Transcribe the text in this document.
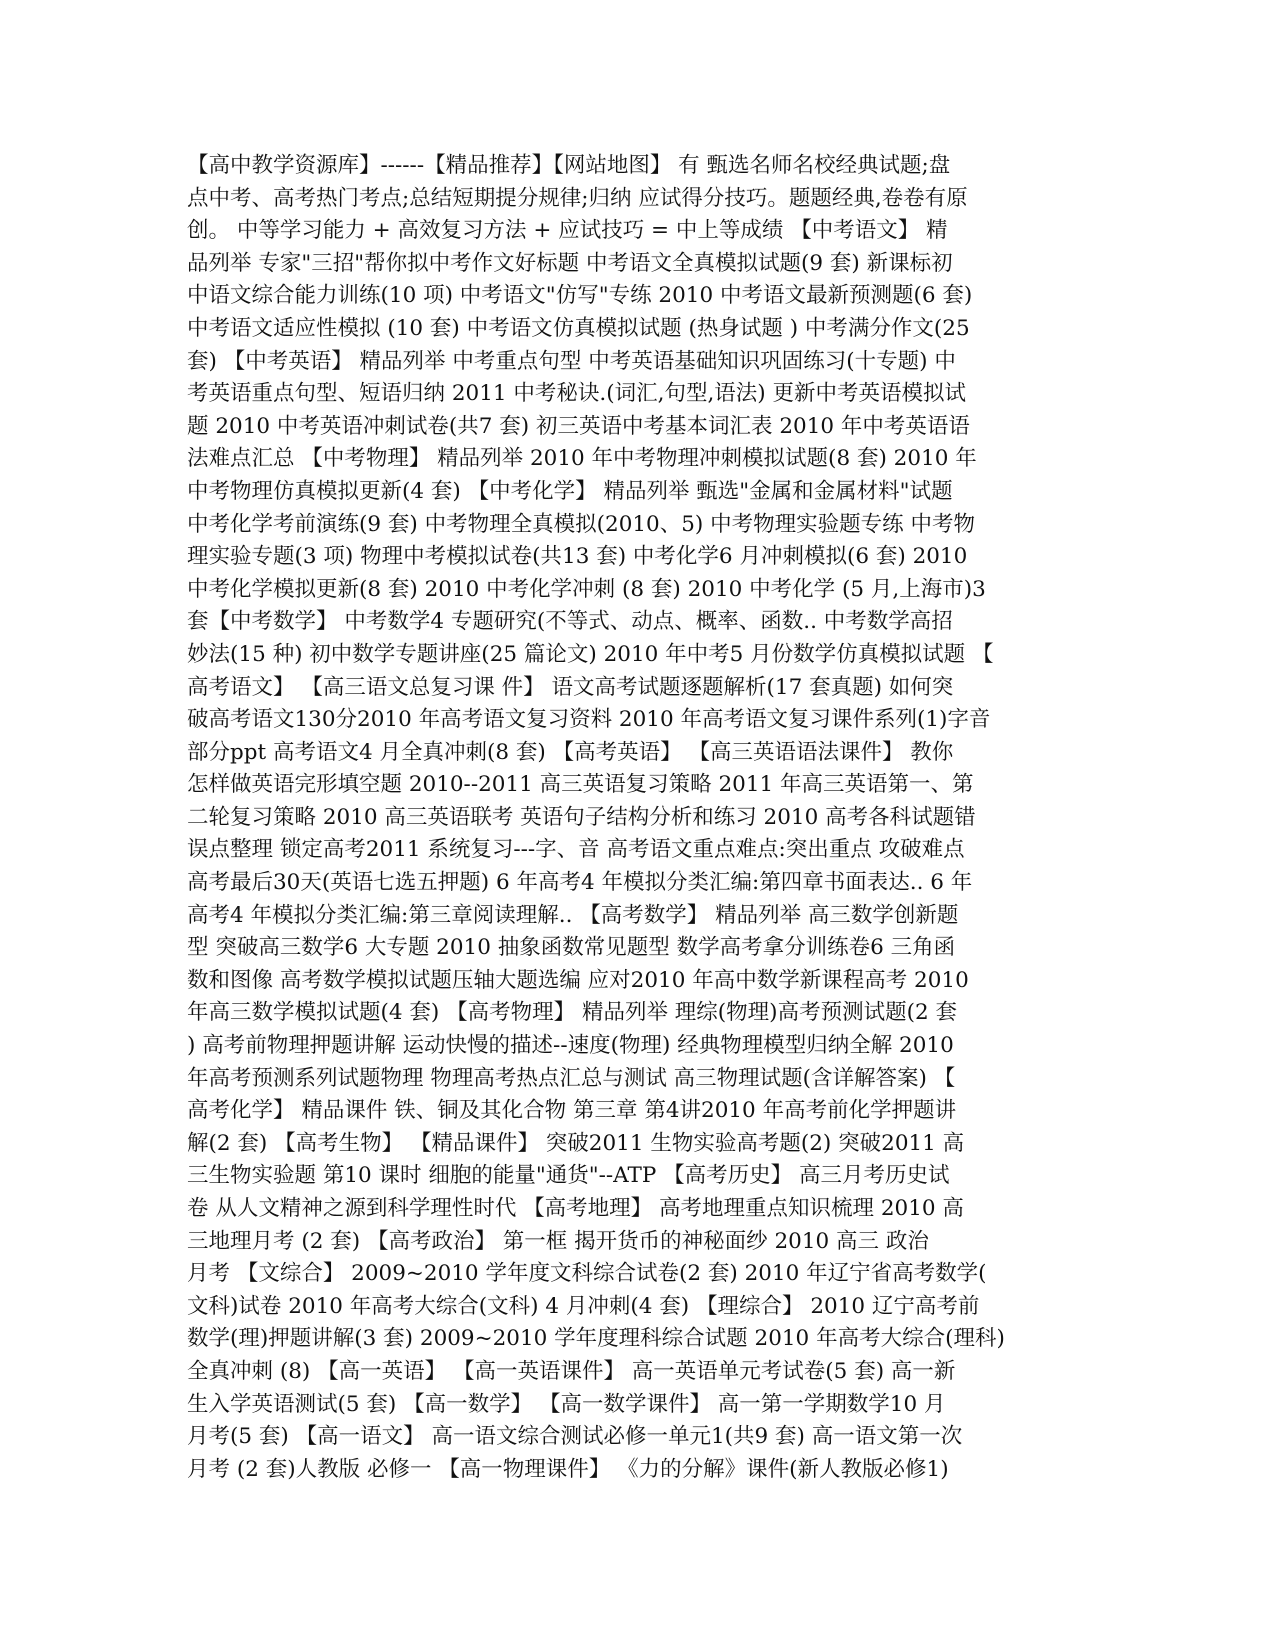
【高中教学资源库】------【精品推荐】【网站地图】 有 甄选名师名校经典试题;盘
点中考、高考热门考点;总结短期提分规律;归纳 应试得分技巧。题题经典,卷卷有原
创。 中等学习能力 + 高效复习方法 + 应试技巧 = 中上等成绩 【中考语文】 精
品列举 专家"三招"帮你拟中考作文好标题 中考语文全真模拟试题(9 套) 新课标初
中语文综合能力训练(10 项) 中考语文"仿写"专练 2010 中考语文最新预测题(6 套)
中考语文适应性模拟 (10 套) 中考语文仿真模拟试题 (热身试题 ) 中考满分作文(25
套) 【中考英语】 精品列举 中考重点句型 中考英语基础知识巩固练习(十专题) 中
考英语重点句型、短语归纳 2011 中考秘诀.(词汇,句型,语法) 更新中考英语模拟试
题 2010 中考英语冲刺试卷(共7 套) 初三英语中考基本词汇表 2010 年中考英语语
法难点汇总 【中考物理】 精品列举 2010 年中考物理冲刺模拟试题(8 套) 2010 年
中考物理仿真模拟更新(4 套) 【中考化学】 精品列举 甄选"金属和金属材料"试题
中考化学考前演练(9 套) 中考物理全真模拟(2010、5) 中考物理实验题专练 中考物
理实验专题(3 项) 物理中考模拟试卷(共13 套) 中考化学6 月冲刺模拟(6 套) 2010
中考化学模拟更新(8 套) 2010 中考化学冲刺 (8 套) 2010 中考化学 (5 月,上海市)3
套【中考数学】 中考数学4 专题研究(不等式、动点、概率、函数.. 中考数学高招
妙法(15 种) 初中数学专题讲座(25 篇论文) 2010 年中考5 月份数学仿真模拟试题 【
高考语文】 【高三语文总复习课 件】 语文高考试题逐题解析(17 套真题) 如何突
破高考语文130分2010 年高考语文复习资料 2010 年高考语文复习课件系列(1)字音
部分ppt 高考语文4 月全真冲刺(8 套) 【高考英语】 【高三英语语法课件】 教你
怎样做英语完形填空题 2010--2011 高三英语复习策略 2011 年高三英语第一、第
二轮复习策略 2010 高三英语联考 英语句子结构分析和练习 2010 高考各科试题错
误点整理 锁定高考2011 系统复习---字、音 高考语文重点难点:突出重点 攻破难点
高考最后30天(英语七选五押题) 6 年高考4 年模拟分类汇编:第四章书面表达.. 6 年
高考4 年模拟分类汇编:第三章阅读理解.. 【高考数学】 精品列举 高三数学创新题
型 突破高三数学6 大专题 2010 抽象函数常见题型 数学高考拿分训练卷6 三角函
数和图像 高考数学模拟试题压轴大题选编 应对2010 年高中数学新课程高考 2010
年高三数学模拟试题(4 套) 【高考物理】 精品列举 理综(物理)高考预测试题(2 套
) 高考前物理押题讲解 运动快慢的描述--速度(物理) 经典物理模型归纳全解 2010
年高考预测系列试题物理 物理高考热点汇总与测试 高三物理试题(含详解答案) 【
高考化学】 精品课件 铁、铜及其化合物 第三章 第4讲2010 年高考前化学押题讲
解(2 套) 【高考生物】 【精品课件】 突破2011 生物实验高考题(2) 突破2011 高
三生物实验题 第10 课时 细胞的能量"通货"--ATP 【高考历史】 高三月考历史试
卷 从人文精神之源到科学理性时代 【高考地理】 高考地理重点知识梳理 2010 高
三地理月考 (2 套) 【高考政治】 第一框 揭开货币的神秘面纱 2010 高三 政治
月考 【文综合】 2009~2010 学年度文科综合试卷(2 套) 2010 年辽宁省高考数学(
文科)试卷 2010 年高考大综合(文科) 4 月冲刺(4 套) 【理综合】 2010 辽宁高考前
数学(理)押题讲解(3 套) 2009~2010 学年度理科综合试题 2010 年高考大综合(理科)
全真冲刺 (8) 【高一英语】 【高一英语课件】 高一英语单元考试卷(5 套) 高一新
生入学英语测试(5 套) 【高一数学】 【高一数学课件】 高一第一学期数学10 月
月考(5 套) 【高一语文】 高一语文综合测试必修一单元1(共9 套) 高一语文第一次
月考 (2 套)人教版 必修一 【高一物理课件】 《力的分解》课件(新人教版必修1)
